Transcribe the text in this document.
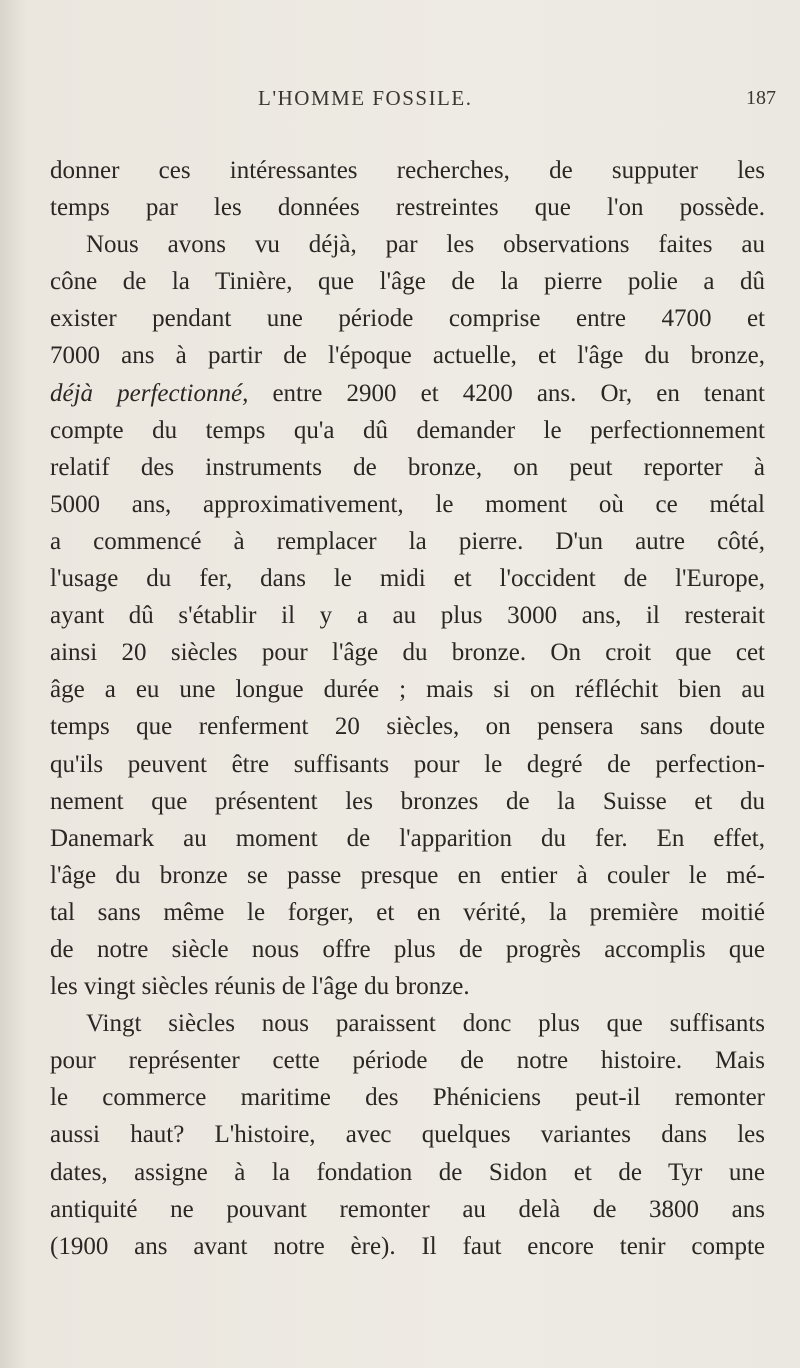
L'HOMME FOSSILE.	187
donner ces intéressantes recherches, de supputer les
temps par les données restreintes que l'on possède.
Nous avons vu déjà, par les observations faites au
cône de la Tinière, que l'âge de la pierre polie a dû
exister pendant une période comprise entre 4700 et
7000 ans à partir de l'époque actuelle, et l'âge du bronze,
déjà perfectionné, entre 2900 et 4200 ans. Or, en tenant
compte du temps qu'a dû demander le perfectionnement
relatif des instruments de bronze, on peut reporter à
5000 ans, approximativement, le moment où ce métal
a commencé à remplacer la pierre. D'un autre côté,
l'usage du fer, dans le midi et l'occident de l'Europe,
ayant dû s'établir il y a au plus 3000 ans, il resterait
ainsi 20 siècles pour l'âge du bronze. On croit que cet
âge a eu une longue durée ; mais si on réfléchit bien au
temps que renferment 20 siècles, on pensera sans doute
qu'ils peuvent être suffisants pour le degré de perfection-
nement que présentent les bronzes de la Suisse et du
Danemark au moment de l'apparition du fer. En effet,
l'âge du bronze se passe presque en entier à couler le mé-
tal sans même le forger, et en vérité, la première moitié
de notre siècle nous offre plus de progrès accomplis que
les vingt siècles réunis de l'âge du bronze.
Vingt siècles nous paraissent donc plus que suffisants
pour représenter cette période de notre histoire. Mais
le commerce maritime des Phéniciens peut-il remonter
aussi haut? L'histoire, avec quelques variantes dans les
dates, assigne à la fondation de Sidon et de Tyr une
antiquité ne pouvant remonter au delà de 3800 ans
(1900 ans avant notre ère). Il faut encore tenir compte
